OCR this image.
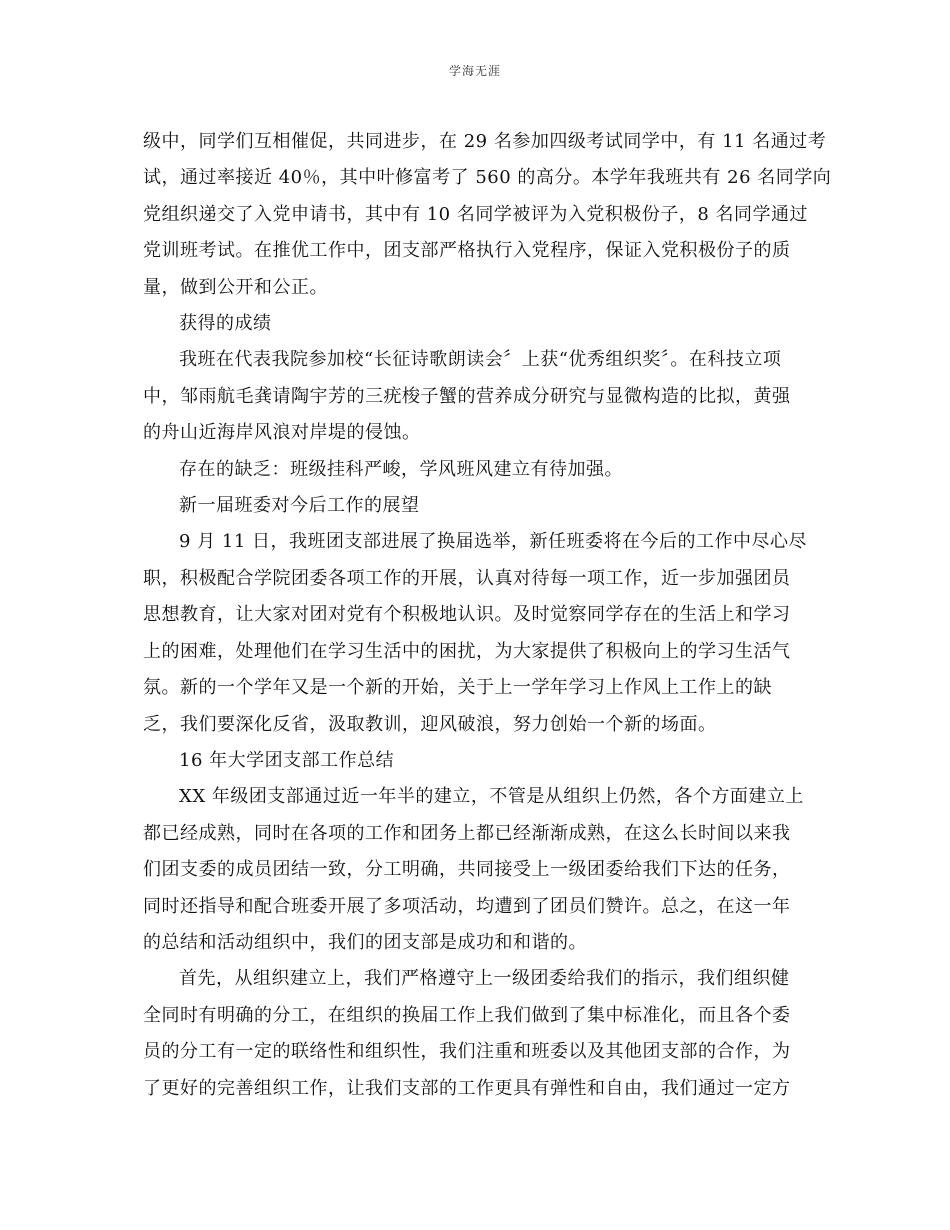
学海无涯

级中，同学们互相催促，共同进步，在 29 名参加四级考试同学中，有 11 名通过考
试，通过率接近 40％，其中叶修富考了 560 的高分。本学年我班共有 26 名同学向
党组织递交了入党申请书，其中有 10 名同学被评为入党积极份子，8 名同学通过
党训班考试。在推优工作中，团支部严格执行入党程序，保证入党积极份子的质
量，做到公开和公正。

获得的成绩

我班在代表我院参加校“长征诗歌朗读会〞上获“优秀组织奖〞。在科技立项
中，邹雨航毛龚请陶宇芳的三疣梭子蟹的营养成分研究与显微构造的比拟，黄强
的舟山近海岸风浪对岸堤的侵蚀。

存在的缺乏：班级挂科严峻，学风班风建立有待加强。

新一届班委对今后工作的展望

9 月 11 日，我班团支部进展了换届选举，新任班委将在今后的工作中尽心尽
职，积极配合学院团委各项工作的开展，认真对待每一项工作，近一步加强团员
思想教育，让大家对团对党有个积极地认识。及时觉察同学存在的生活上和学习
上的困难，处理他们在学习生活中的困扰，为大家提供了积极向上的学习生活气
氛。新的一个学年又是一个新的开始，关于上一学年学习上作风上工作上的缺
乏，我们要深化反省，汲取教训，迎风破浪，努力创始一个新的场面。

16 年大学团支部工作总结

XX 年级团支部通过近一年半的建立，不管是从组织上仍然，各个方面建立上
都已经成熟，同时在各项的工作和团务上都已经渐渐成熟，在这么长时间以来我
们团支委的成员团结一致，分工明确，共同接受上一级团委给我们下达的任务，
同时还指导和配合班委开展了多项活动，均遭到了团员们赞许。总之，在这一年
的总结和活动组织中，我们的团支部是成功和和谐的。

首先，从组织建立上，我们严格遵守上一级团委给我们的指示，我们组织健
全同时有明确的分工，在组织的换届工作上我们做到了集中标准化，而且各个委
员的分工有一定的联络性和组织性，我们注重和班委以及其他团支部的合作，为
了更好的完善组织工作，让我们支部的工作更具有弹性和自由，我们通过一定方
